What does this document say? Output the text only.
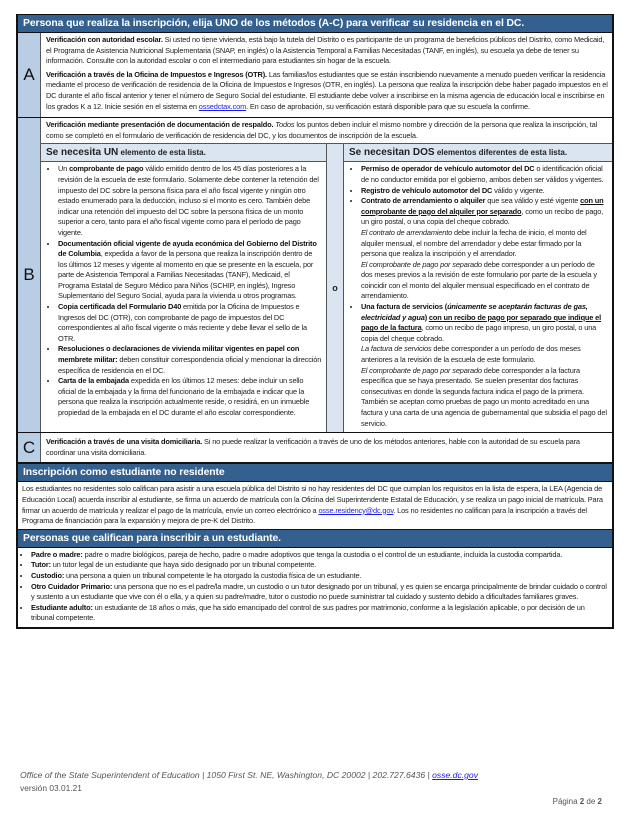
Persona que realiza la inscripción, elija UNO de los métodos (A-C) para verificar su residencia en el DC.
A

Verificación con autoridad escolar. Si usted no tiene vivienda, está bajo la tutela del Distrito o es participante de un programa de beneficios públicos del Distrito, como Medicaid, el Programa de Asistencia Nutricional Suplementaria (SNAP, en inglés) o la Asistencia Temporal a Familias Necesitadas (TANF, en inglés), su escuela ya debe de tener su información. Consulte con la autoridad escolar o con el intermediario para estudiantes sin hogar de la escuela.

Verificación a través de la Oficina de Impuestos e Ingresos (OTR). Las familias/los estudiantes que se están inscribiendo nuevamente a menudo pueden verificar la residencia mediante el proceso de verificación de residencia de la Oficina de Impuestos e Ingresos (OTR, en inglés). La persona que realiza la inscripción debe haber pagado impuestos en el DC durante el año fiscal anterior y tener el número de Seguro Social del estudiante. El estudiante debe volver a inscribirse en la misma agencia de educación local e inscribirse en los grados K a 12. Inicie sesión en el sistema en ossedctax.com. En caso de aprobación, su verificación estará disponible para que su escuela la confirme.

B
Verificación mediante presentación de documentación de respaldo. Todos los puntos deben incluir el mismo nombre y dirección de la persona que realiza la inscripción, tal como se completó en el formulario de verificación de residencia del DC, y los documentos de inscripción de la escuela.
Se necesita UN elemento de esta lista.
• Un comprobante de pago válido emitido dentro de los 45 días posteriores a la revisión de la escuela de este formulario. Solamente debe contener la retención del impuesto del DC sobre la persona física para el año fiscal vigente y ningún otro estado enumerado para la deducción, incluso si el monto es cero. También debe indicar una retención del impuesto del DC sobre la persona física de un monto superior a cero, tanto para el año fiscal vigente como para el período de pago vigente.
• Documentación oficial vigente de ayuda económica del Gobierno del Distrito de Columbia, expedida a favor de la persona que realiza la inscripción dentro de los últimos 12 meses y vigente al momento en que se presente en la escuela, por parte de Asistencia Temporal a Familias Necesitadas (TANF), Medicaid, el Programa Estatal de Seguro Médico para Niños (SCHIP, en inglés), Ingreso Suplementario del Seguro Social, ayuda para la vivienda u otros programas.
• Copia certificada del Formulario D40 emitida por la Oficina de Impuestos e Ingresos del DC (OTR), con comprobante de pago de impuestos del DC correspondientes al año fiscal vigente o más reciente y debe llevar el sello de la OTR.
• Resoluciones o declaraciones de vivienda militar vigentes en papel con membrete militar: deben constituir correspondencia oficial y mencionar la dirección específica de residencia en el DC.
• Carta de la embajada expedida en los últimos 12 meses: debe incluir un sello oficial de la embajada y la firma del funcionario de la embajada e indicar que la persona que realiza la inscripción actualmente reside, o residirá, en un inmueble propiedad de la embajada en el DC durante el año escolar correspondiente.
o
Se necesitan DOS elementos diferentes de esta lista.
• Permiso de operador de vehículo automotor del DC o identificación oficial de no conductor emitida por el gobierno, ambos deben ser válidos y vigentes.
• Registro de vehículo automotor del DC válido y vigente.
• Contrato de arrendamiento o alquiler que sea válido y esté vigente con un comprobante de pago del alquiler por separado, como un recibo de pago, un giro postal, o una copia del cheque cobrado.
El contrato de arrendamiento debe incluir la fecha de inicio, el monto del alquiler mensual, el nombre del arrendador y debe estar firmado por la persona que realiza la inscripción y el arrendador.
El comprobante de pago por separado debe corresponder a un período de dos meses previos a la revisión de este formulario por parte de la escuela y coincidir con el monto del alquiler mensual especificado en el contrato de arrendamiento.
• Una factura de servicios (únicamente se aceptarán facturas de gas, electricidad y agua) con un recibo de pago por separado que indique el pago de la factura, como un recibo de pago impreso, un giro postal, o una copia del cheque cobrado.
La factura de servicios debe corresponder a un período de dos meses anteriores a la revisión de la escuela de este formulario.
El comprobante de pago por separado debe corresponder a la factura específica que se haya presentado. Se suelen presentar dos facturas consecutivas en donde la segunda factura indica el pago de la primera. También se aceptan como pruebas de pago un monto acreditado en una factura y una carta de una agencia de gubernamental que subsidia el pago del servicio.
C	Verificación a través de una visita domiciliaria. Si no puede realizar la verificación a través de uno de los métodos anteriores, hable con la autoridad de su escuela para coordinar una visita domiciliaria.
Inscripción como estudiante no residente
Los estudiantes no residentes solo califican para asistir a una escuela pública del Distrito si no hay residentes del DC que cumplan los requisitos en la lista de espera, la LEA (Agencia de Educación Local) acuerda inscribir al estudiante, se firma un acuerdo de matrícula con la Oficina del Superintendente Estatal de Educación, y se realiza un pago inicial de matrícula. Para firmar un acuerdo de matrícula y realizar el pago de la matrícula, envíe un correo electrónico a osse.residency@dc.gov. Los no residentes no califican para la inscripción a través del Programa de financiación para la expansión y mejora de pre-K del Distrito.
Personas que califican para inscribir a un estudiante.
• Padre o madre: padre o madre biológicos, pareja de hecho, padre o madre adoptivos que tenga la custodia o el control de un estudiante, incluida la custodia compartida.
• Tutor: un tutor legal de un estudiante que haya sido designado por un tribunal competente.
• Custodio: una persona a quien un tribunal competente le ha otorgado la custodia física de un estudiante.
• Otro Cuidador Primario: una persona que no es el padre/la madre, un custodio o un tutor designado por un tribunal, y es quien se encarga principalmente de brindar cuidado o control y sustento a un estudiante que vive con él o ella, y a quien su padre/madre, tutor o custodio no puede suministrar tal cuidado y sustento debido a dificultades familiares graves.
• Estudiante adulto: un estudiante de 18 años o más, que ha sido emancipado del control de sus padres por matrimonio, conforme a la legislación aplicable, o por decisión de un tribunal competente.
Office of the State Superintendent of Education | 1050 First St. NE, Washington, DC 20002 | 202.727.6436 | osse.dc.gov
versión 03.01.21
Página 2 de 2
